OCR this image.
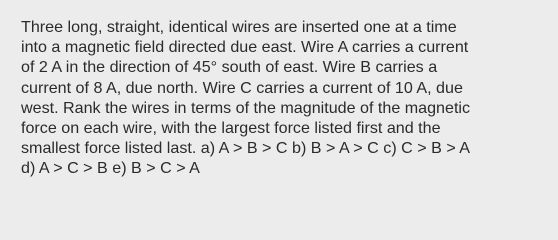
Three long, straight, identical wires are inserted one at a time
into a magnetic field directed due east. Wire A carries a current
of 2 A in the direction of 45° south of east. Wire B carries a
current of 8 A, due north. Wire C carries a current of 10 A, due
west. Rank the wires in terms of the magnitude of the magnetic
force on each wire, with the largest force listed first and the
smallest force listed last. a) A > B > C b) B > A > C c) C > B > A
d) A > C > B e) B > C > A
